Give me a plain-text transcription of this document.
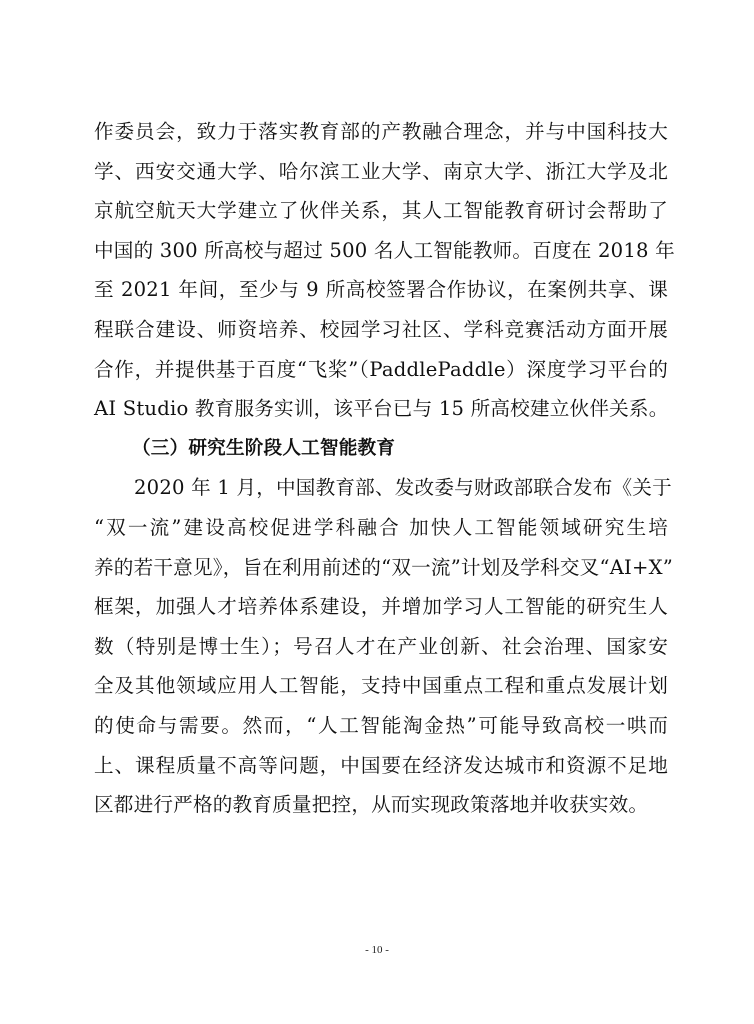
作委员会，致力于落实教育部的产教融合理念，并与中国科技大
学、西安交通大学、哈尔滨工业大学、南京大学、浙江大学及北
京航空航天大学建立了伙伴关系，其人工智能教育研讨会帮助了
中国的 300 所高校与超过 500 名人工智能教师。百度在 2018 年
至 2021 年间，至少与 9 所高校签署合作协议，在案例共享、课
程联合建设、师资培养、校园学习社区、学科竞赛活动方面开展
合作，并提供基于百度“飞桨”（PaddlePaddle）深度学习平台的
AI Studio 教育服务实训，该平台已与 15 所高校建立伙伴关系。
（三）研究生阶段人工智能教育
2020 年 1 月，中国教育部、发改委与财政部联合发布《关于
“双一流”建设高校促进学科融合 加快人工智能领域研究生培
养的若干意见》，旨在利用前述的“双一流”计划及学科交叉“AI+X”
框架，加强人才培养体系建设，并增加学习人工智能的研究生人
数（特别是博士生）；号召人才在产业创新、社会治理、国家安
全及其他领域应用人工智能，支持中国重点工程和重点发展计划
的使命与需要。然而，“人工智能淘金热”可能导致高校一哄而
上、课程质量不高等问题，中国要在经济发达城市和资源不足地
区都进行严格的教育质量把控，从而实现政策落地并收获实效。
- 10 -
